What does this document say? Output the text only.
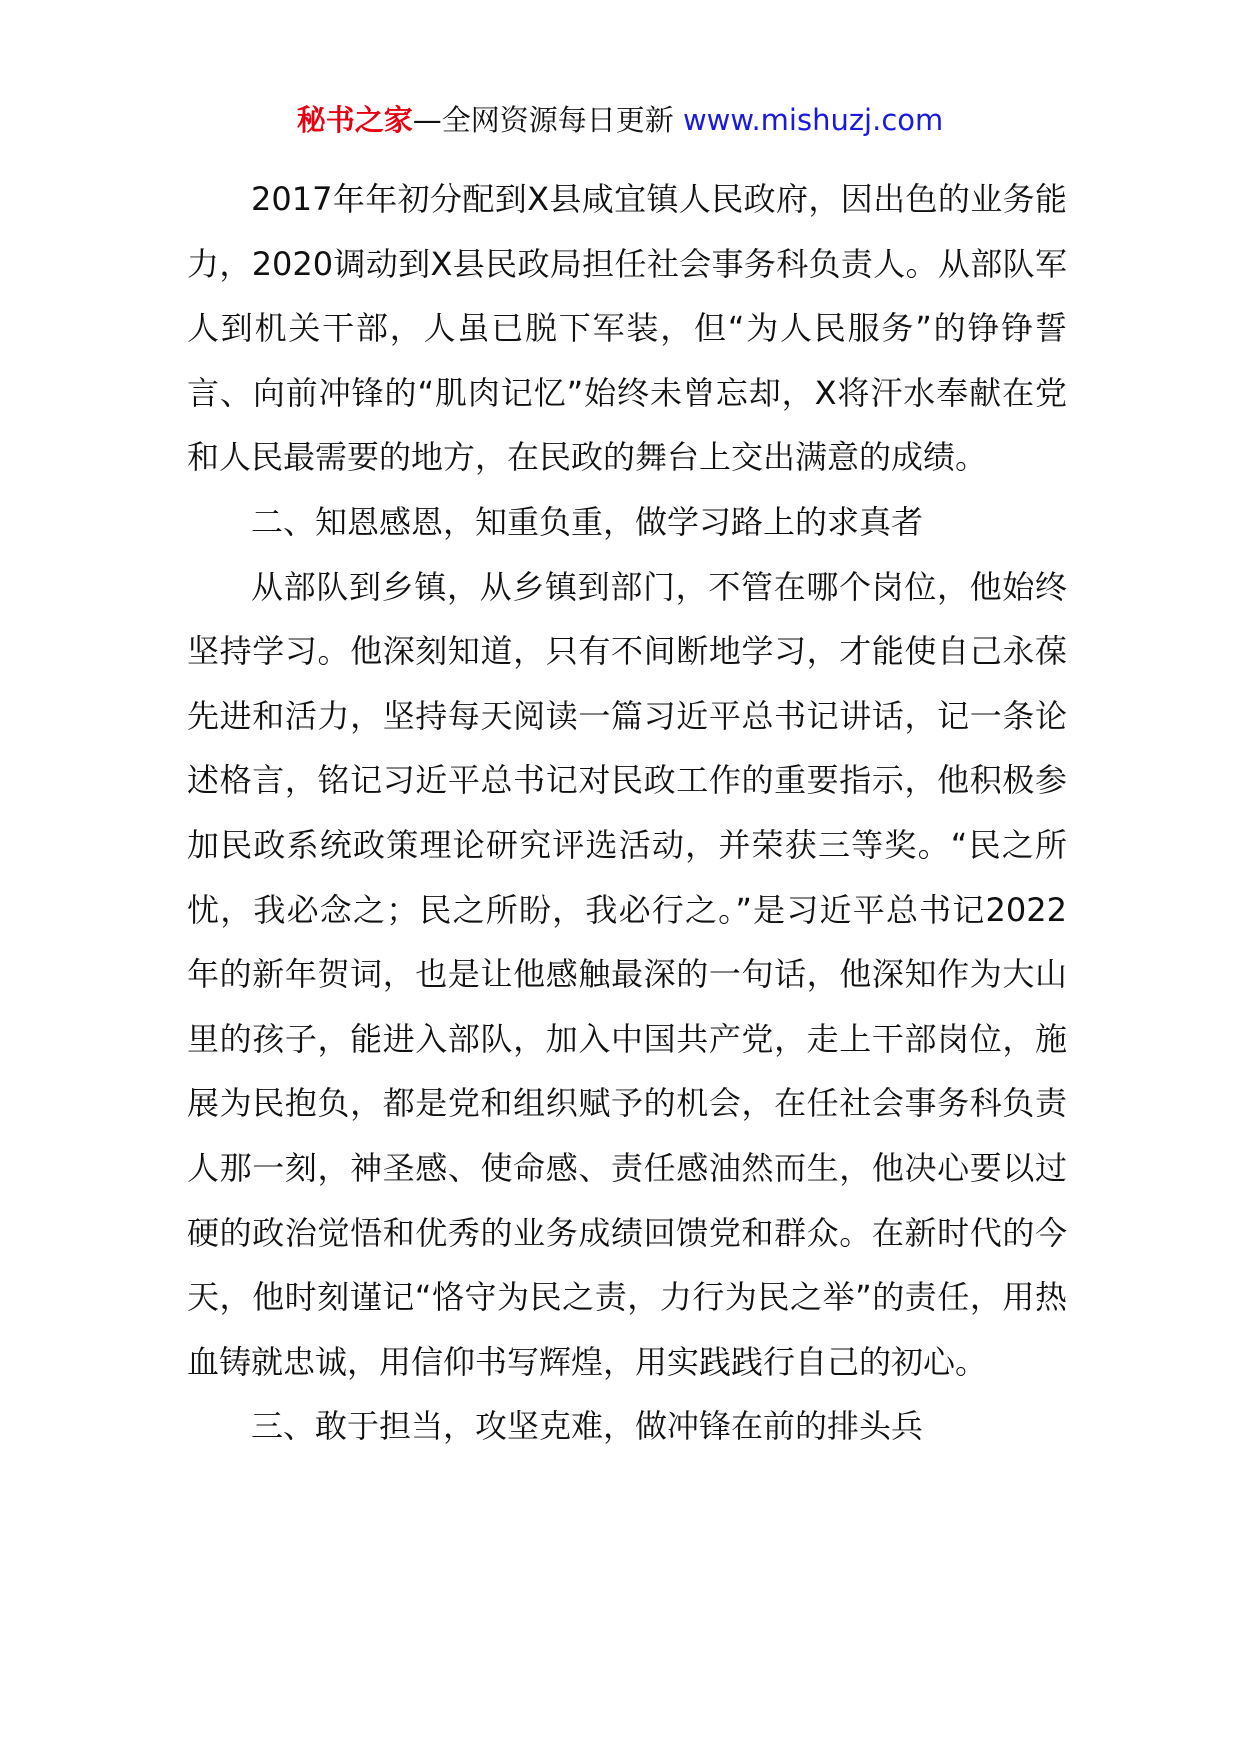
秘书之家—全网资源每日更新 www.mishuzj.com

2017年年初分配到X县咸宜镇人民政府，因出色的业务能力，2020调动到X县民政局担任社会事务科负责人。从部队军人到机关干部，人虽已脱下军装，但“为人民服务”的铮铮誓言、向前冲锋的“肌肉记忆”始终未曾忘却，X将汗水奉献在党和人民最需要的地方，在民政的舞台上交出满意的成绩。

二、知恩感恩，知重负重，做学习路上的求真者

从部队到乡镇，从乡镇到部门，不管在哪个岗位，他始终坚持学习。他深刻知道，只有不间断地学习，才能使自己永葆先进和活力，坚持每天阅读一篇习近平总书记讲话，记一条论述格言，铭记习近平总书记对民政工作的重要指示，他积极参加民政系统政策理论研究评选活动，并荣获三等奖。“民之所忧，我必念之；民之所盼，我必行之。”是习近平总书记2022年的新年贺词，也是让他感触最深的一句话，他深知作为大山里的孩子，能进入部队，加入中国共产党，走上干部岗位，施展为民抱负，都是党和组织赋予的机会，在任社会事务科负责人那一刻，神圣感、使命感、责任感油然而生，他决心要以过硬的政治觉悟和优秀的业务成绩回馈党和群众。在新时代的今天，他时刻谨记“恪守为民之责，力行为民之举”的责任，用热血铸就忠诚，用信仰书写辉煌，用实践践行自己的初心。

三、敢于担当，攻坚克难，做冲锋在前的排头兵
